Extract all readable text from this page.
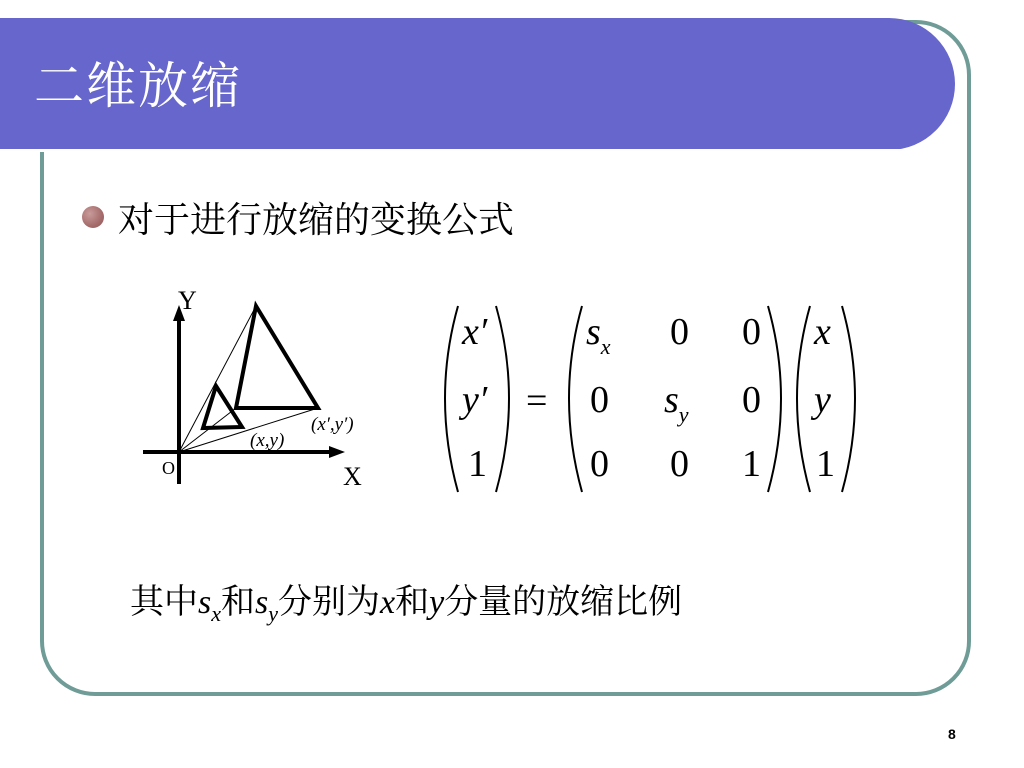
二维放缩
对于进行放缩的变换公式
Y
X
O
(x,y)
(x′,y′)
x′
y′
1
=
$s_x$ 0 0
0 $s_y$ 0
0 0 1
x
y
1
其中$s_x$和$s_y$分别为x和y分量的放缩比例
8
